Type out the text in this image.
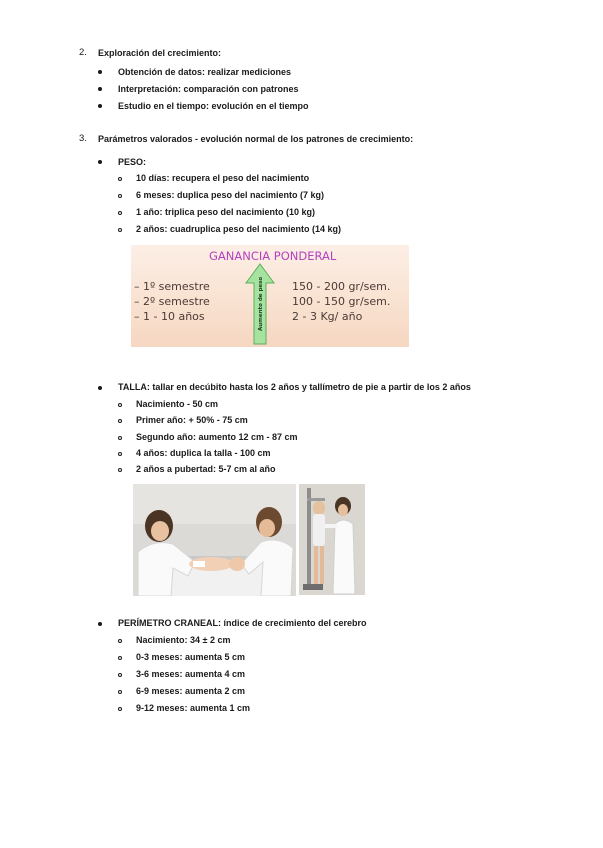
2. Exploración del crecimiento:
Obtención de datos: realizar mediciones
Interpretación: comparación con patrones
Estudio en el tiempo: evolución en el tiempo
3. Parámetros valorados - evolución normal de los patrones de crecimiento:
PESO:
10 días: recupera el peso del nacimiento
6 meses: duplica peso del nacimiento (7 kg)
1 año: triplica peso del nacimiento (10 kg)
2 años: cuadruplica peso del nacimiento (14 kg)
GANANCIA PONDERAL
Aumento de peso
– 1º semestre
– 2º semestre
– 1 - 10 años
150 - 200 gr/sem.
100 - 150 gr/sem.
2 - 3 Kg/ año
TALLA: tallar en decúbito hasta los 2 años y tallímetro de pie a partir de los 2 años
Nacimiento - 50 cm
Primer año: + 50% - 75 cm
Segundo año: aumento 12 cm - 87 cm
4 años: duplica la talla - 100 cm
2 años a pubertad: 5-7 cm al año
PERÍMETRO CRANEAL: índice de crecimiento del cerebro
Nacimiento: 34 ± 2 cm
0-3 meses: aumenta 5 cm
3-6 meses: aumenta 4 cm
6-9 meses: aumenta 2 cm
9-12 meses: aumenta 1 cm
